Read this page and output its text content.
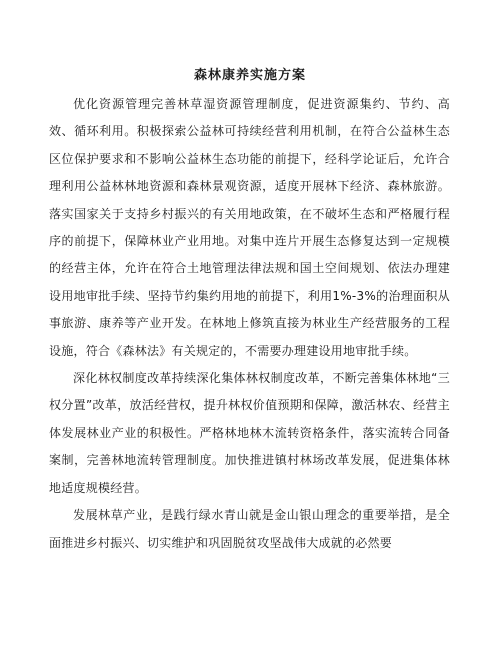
森林康养实施方案

优化资源管理完善林草湿资源管理制度，促进资源集约、节约、高效、循环利用。积极探索公益林可持续经营利用机制，在符合公益林生态区位保护要求和不影响公益林生态功能的前提下，经科学论证后，允许合理利用公益林林地资源和森林景观资源，适度开展林下经济、森林旅游。落实国家关于支持乡村振兴的有关用地政策，在不破坏生态和严格履行程序的前提下，保障林业产业用地。对集中连片开展生态修复达到一定规模的经营主体，允许在符合土地管理法律法规和国土空间规划、依法办理建设用地审批手续、坚持节约集约用地的前提下，利用1%-3%的治理面积从事旅游、康养等产业开发。在林地上修筑直接为林业生产经营服务的工程设施，符合《森林法》有关规定的，不需要办理建设用地审批手续。

深化林权制度改革持续深化集体林权制度改革，不断完善集体林地“三权分置”改革，放活经营权，提升林权价值预期和保障，激活林农、经营主体发展林业产业的积极性。严格林地林木流转资格条件，落实流转合同备案制，完善林地流转管理制度。加快推进镇村林场改革发展，促进集体林地适度规模经营。

发展林草产业，是践行绿水青山就是金山银山理念的重要举措，是全面推进乡村振兴、切实维护和巩固脱贫攻坚战伟大成就的必然要
